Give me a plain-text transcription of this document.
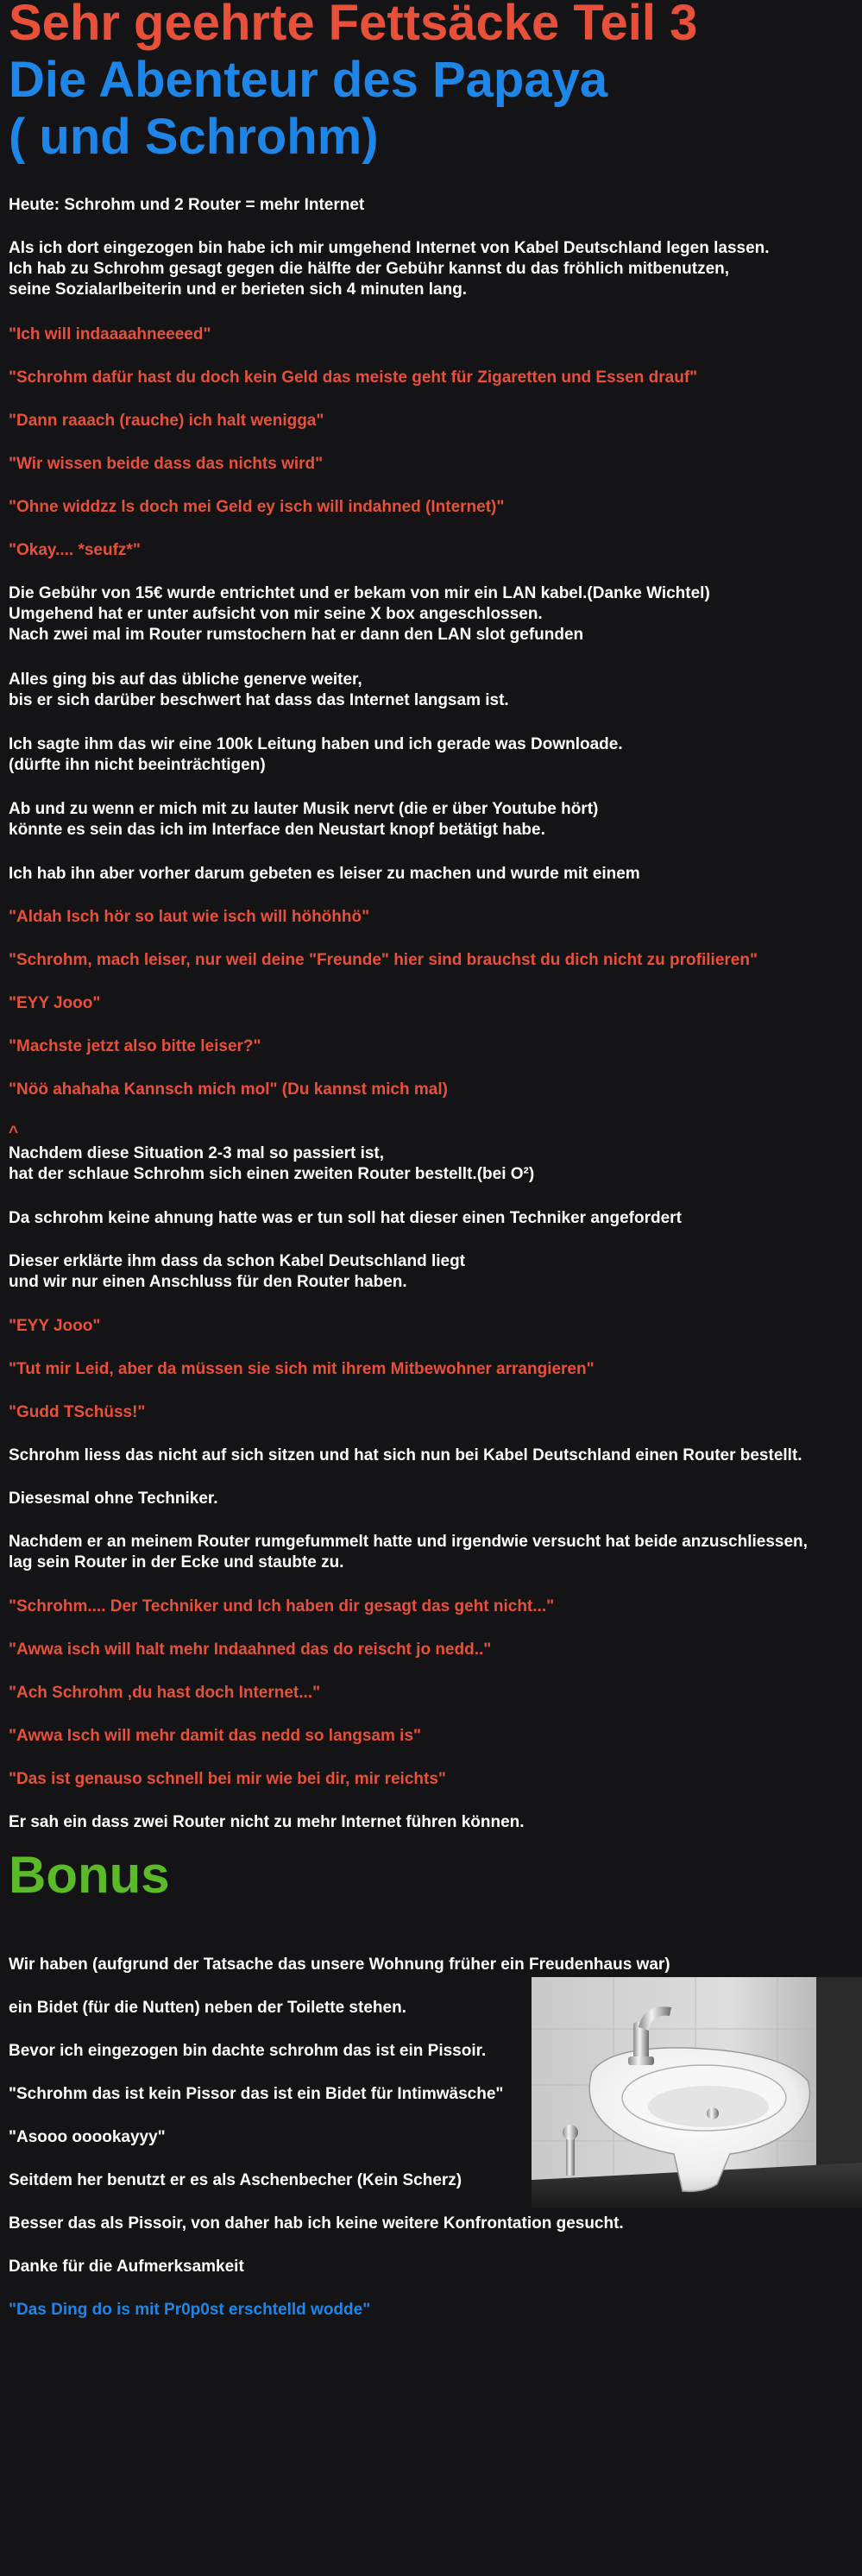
Sehr geehrte Fettsäcke Teil 3
Die Abenteur des Papaya
( und Schrohm)

Heute: Schrohm und 2 Router = mehr Internet

Als ich dort eingezogen bin habe ich mir umgehend Internet von Kabel Deutschland legen lassen.
Ich hab zu Schrohm gesagt gegen die hälfte der Gebühr kannst du das fröhlich mitbenutzen,
seine Sozialarlbeiterin und er berieten sich 4 minuten lang.

"Ich will indaaaahneeeed"

"Schrohm dafür hast du doch kein Geld das meiste geht für Zigaretten und Essen drauf"

"Dann raaach (rauche) ich halt wenigga"

"Wir wissen beide dass das nichts wird"

"Ohne widdzz ls doch mei Geld ey isch will indahned (Internet)"

"Okay.... *seufz*"

Die Gebühr von 15€ wurde entrichtet und er bekam von mir ein LAN kabel.(Danke Wichtel)
Umgehend hat er unter aufsicht von mir seine X box angeschlossen.
Nach zwei mal im Router rumstochern hat er dann den LAN slot gefunden
Alles ging bis auf das übliche generve weiter,
bis er sich darüber beschwert hat dass das Internet langsam ist.
Ich sagte ihm das wir eine 100k Leitung haben und ich gerade was Downloade.
(dürfte ihn nicht beeinträchtigen)
Ab und zu wenn er mich mit zu lauter Musik nervt (die er über Youtube hört)
könnte es sein das ich im Interface den Neustart knopf betätigt habe.

Ich hab ihn aber vorher darum gebeten es leiser zu machen und wurde mit einem

"Aldah Isch hör so laut wie isch will höhöhhö"

"Schrohm, mach leiser, nur weil deine "Freunde" hier sind brauchst du dich nicht zu profilieren"

"EYY Jooo"

"Machste jetzt also bitte leiser?"

"Nöö ahahaha Kannsch mich mol" (Du kannst mich mal)

^

Nachdem diese Situation 2-3 mal so passiert ist,
hat der schlaue Schrohm sich einen zweiten Router bestellt.(bei O²)

Da schrohm keine ahnung hatte was er tun soll hat dieser einen Techniker angefordert

Dieser erklärte ihm dass da schon Kabel Deutschland liegt
und wir nur einen Anschluss für den Router haben.

"EYY Jooo"

"Tut mir Leid, aber da müssen sie sich mit ihrem Mitbewohner arrangieren"

"Gudd TSchüss!"

Schrohm liess das nicht auf sich sitzen und hat sich nun bei Kabel Deutschland einen Router bestellt.

Diesesmal ohne Techniker.

Nachdem er an meinem Router rumgefummelt hatte und irgendwie versucht hat beide anzuschliessen,
lag sein Router in der Ecke und staubte zu.

"Schrohm.... Der Techniker und Ich haben dir gesagt das geht nicht..."

"Awwa isch will halt mehr Indaahned das do reischt jo nedd.."

"Ach Schrohm ,du hast doch Internet..."

"Awwa Isch will mehr damit das nedd so langsam is"

"Das ist genauso schnell bei mir wie bei dir, mir reichts"

Er sah ein dass zwei Router nicht zu mehr Internet führen können.

Bonus

Wir haben (aufgrund der Tatsache das unsere Wohnung früher ein Freudenhaus war)

ein Bidet (für die Nutten) neben der Toilette stehen.

Bevor ich eingezogen bin dachte schrohm das ist ein Pissoir.

"Schrohm das ist kein Pissor das ist ein Bidet für Intimwäsche"

"Asooo ooookayyy"

Seitdem her benutzt er es als Aschenbecher (Kein Scherz)

Besser das als Pissoir, von daher hab ich keine weitere Konfrontation gesucht.

Danke für die Aufmerksamkeit

"Das Ding do is mit Pr0p0st erschtelld wodde"
